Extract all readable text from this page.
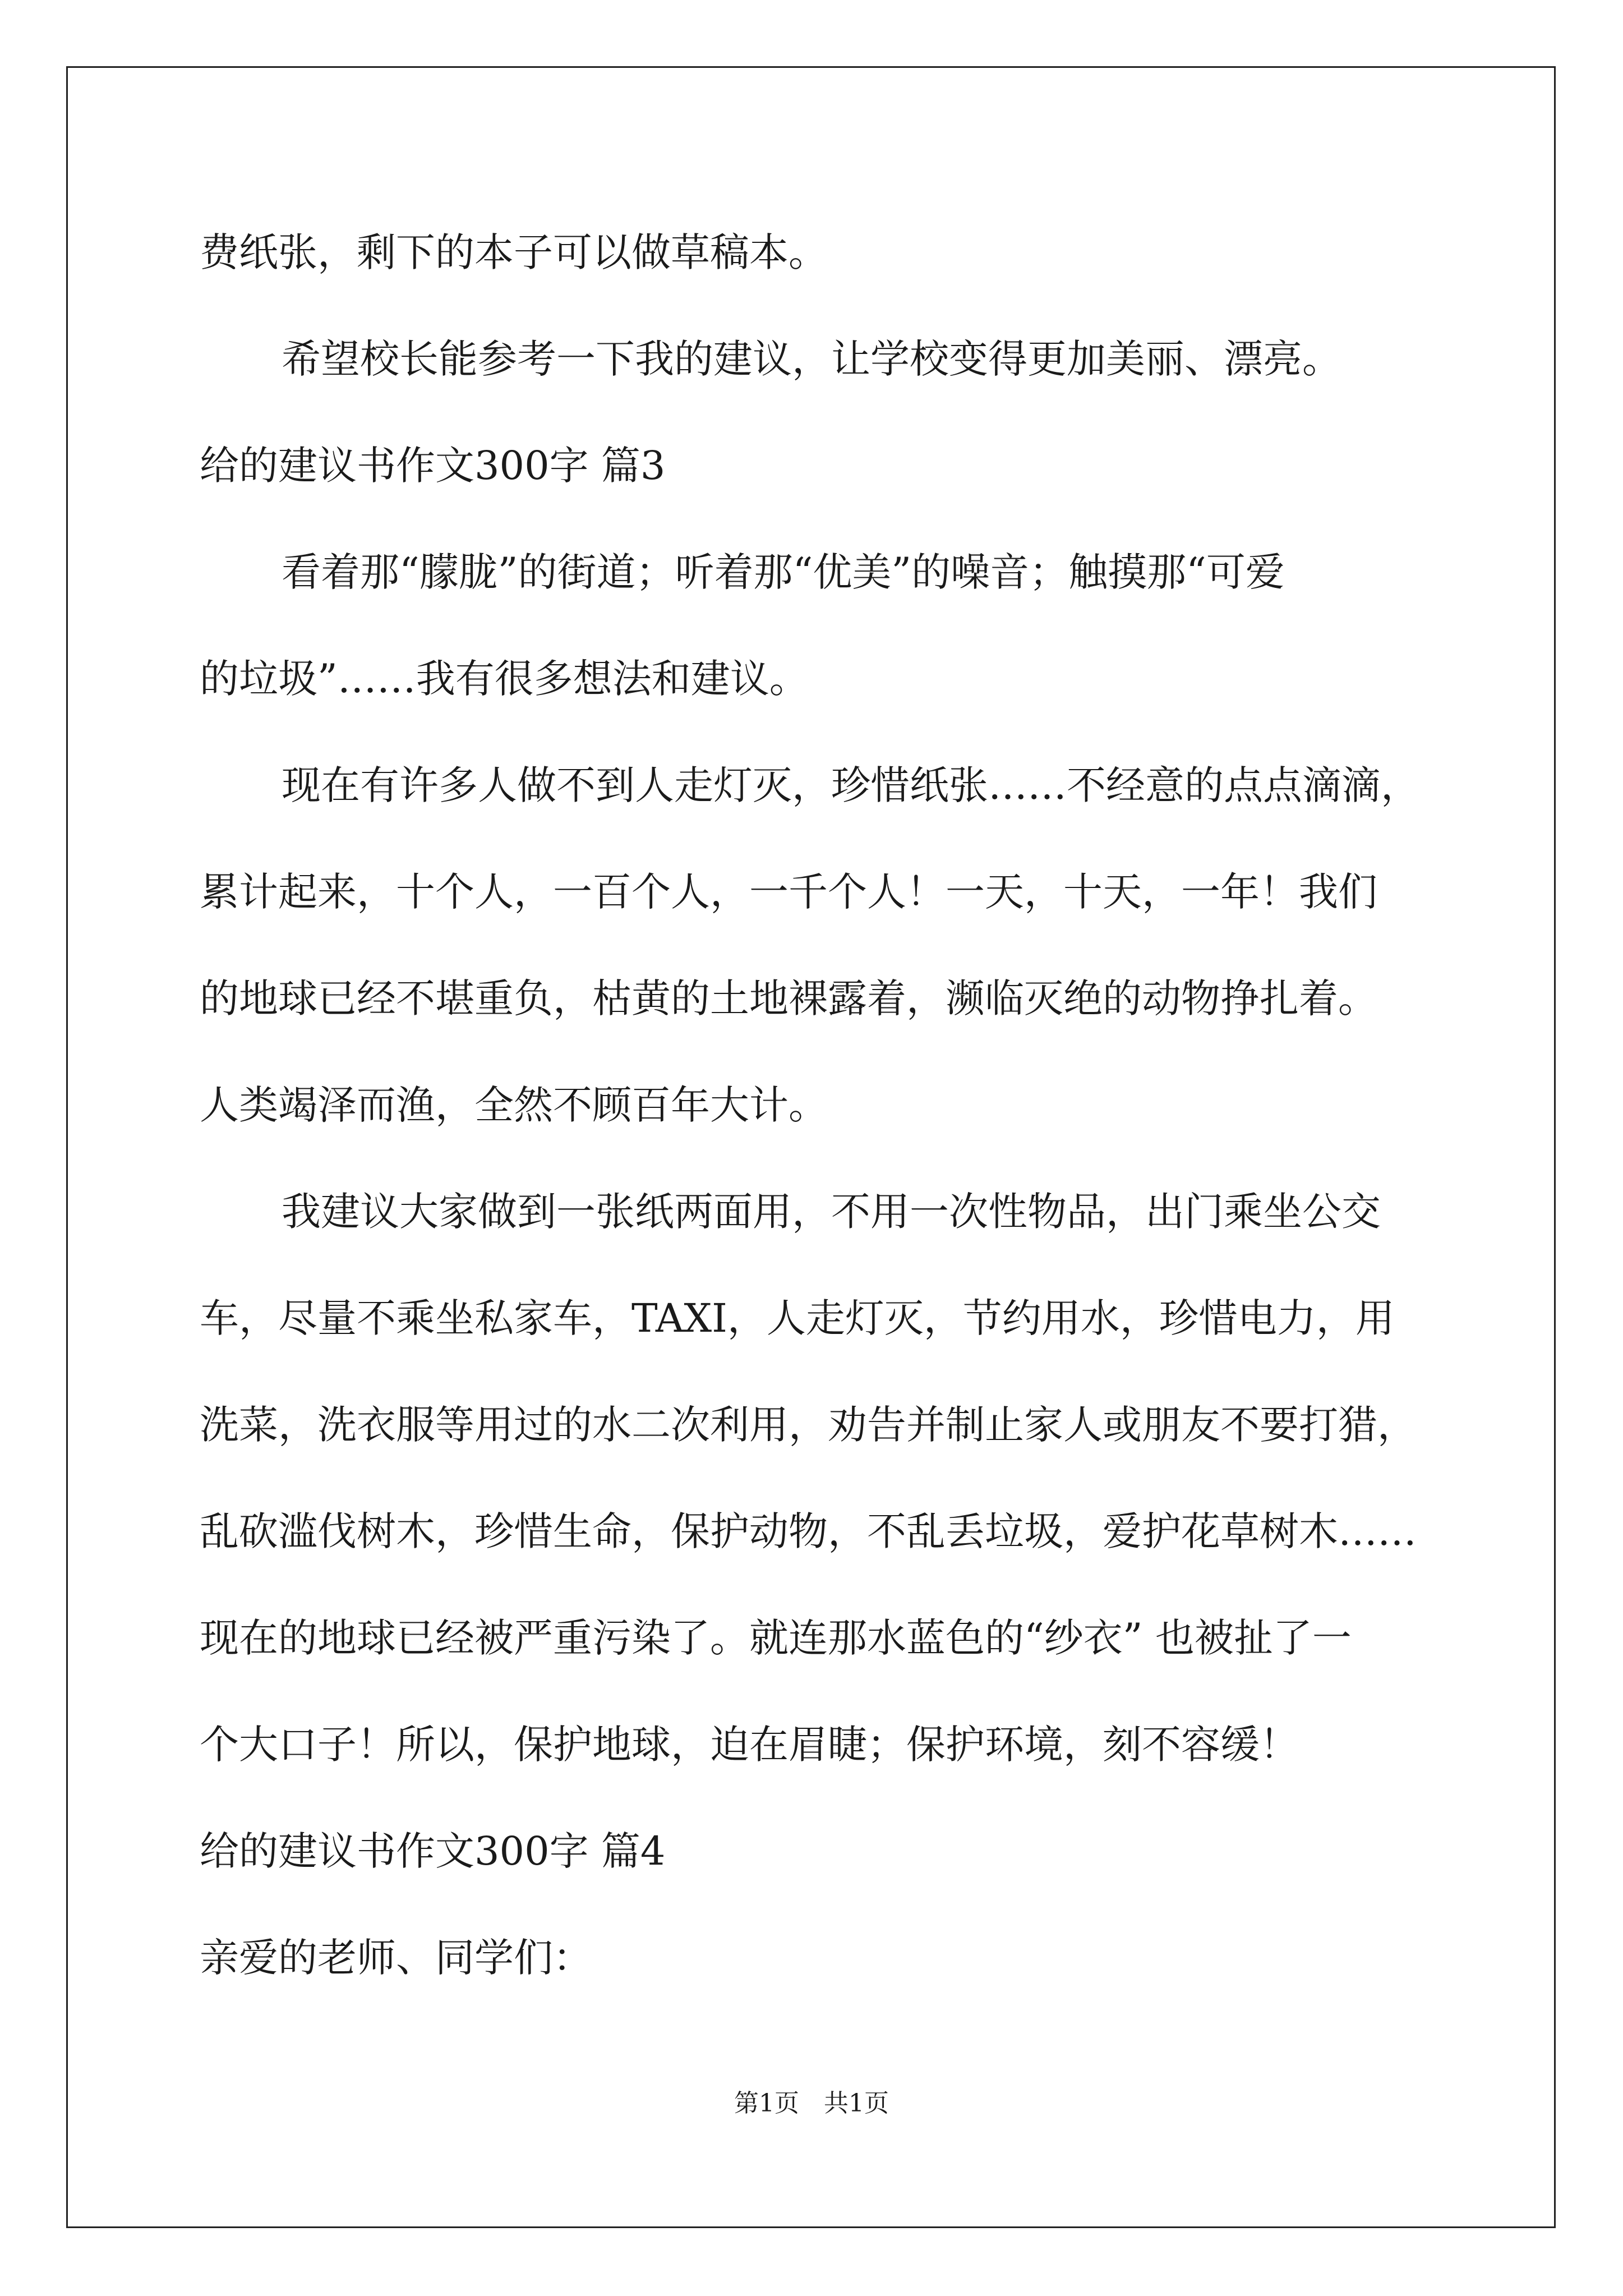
费纸张，剩下的本子可以做草稿本。
希望校长能参考一下我的建议，让学校变得更加美丽、漂亮。
给的建议书作文300字 篇3
看着那“朦胧”的街道；听着那“优美”的噪音；触摸那“可爱
的垃圾”……我有很多想法和建议。
现在有许多人做不到人走灯灭，珍惜纸张……不经意的点点滴滴，
累计起来，十个人，一百个人，一千个人！一天，十天，一年！我们
的地球已经不堪重负，枯黄的土地裸露着，濒临灭绝的动物挣扎着。
人类竭泽而渔，全然不顾百年大计。
我建议大家做到一张纸两面用，不用一次性物品，出门乘坐公交
车，尽量不乘坐私家车，TAXI，人走灯灭，节约用水，珍惜电力，用
洗菜，洗衣服等用过的水二次利用，劝告并制止家人或朋友不要打猎，
乱砍滥伐树木，珍惜生命，保护动物，不乱丢垃圾，爱护花草树木……
现在的地球已经被严重污染了。就连那水蓝色的“纱衣” 也被扯了一
个大口子！所以，保护地球，迫在眉睫；保护环境，刻不容缓！
给的建议书作文300字 篇4
亲爱的老师、同学们：
第1页 共1页
